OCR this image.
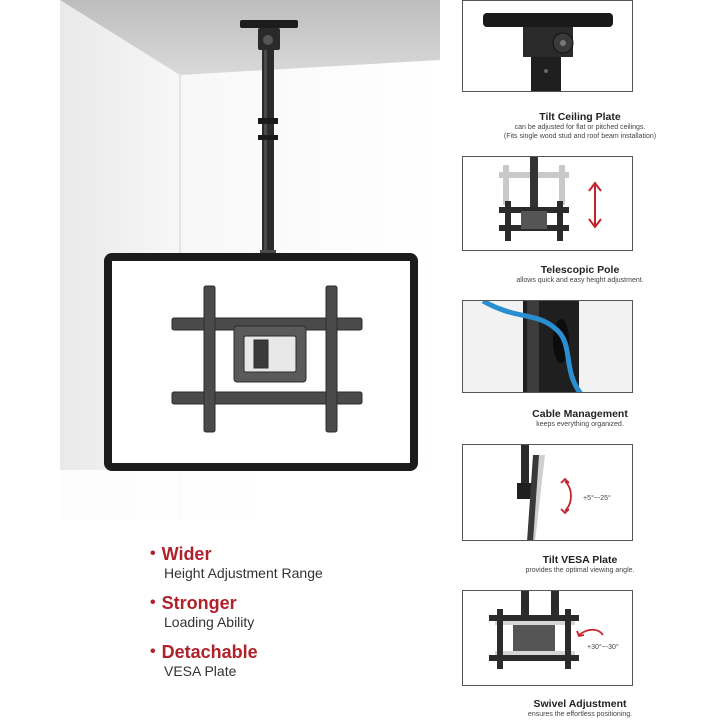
• Wider
Height Adjustment Range
• Stronger
Loading Ability
• Detachable
VESA Plate
Tilt Ceiling Plate
can be adjusted for flat or pitched ceilings.
(Fits single wood stud and roof beam installation)
Telescopic Pole
allows quick and easy height adjustment.
Cable Management
keeps everything organized.
+5°~-25°
Tilt VESA Plate
provides the optimal viewing angle.
+30°~-30°
Swivel Adjustment
ensures the effortless positioning.
